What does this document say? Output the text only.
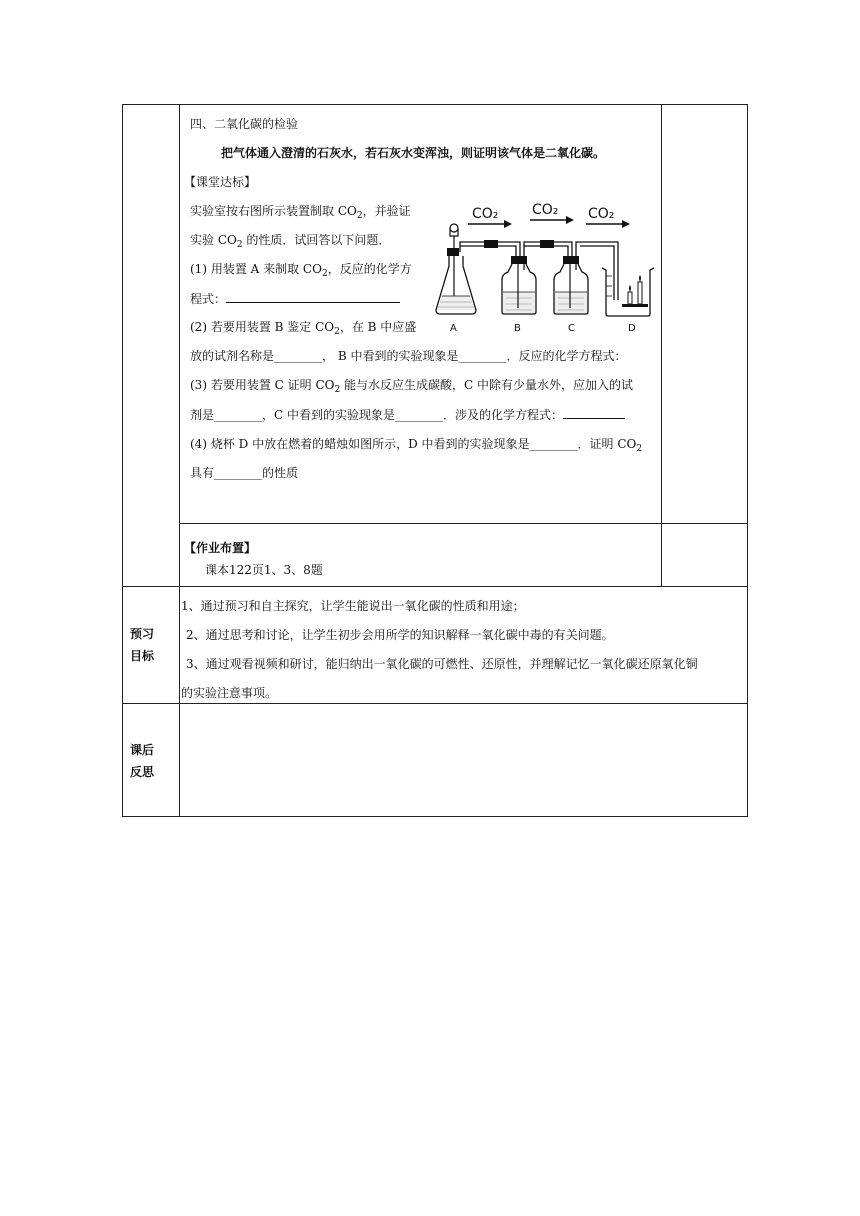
四、二氧化碳的检验
把气体通入澄清的石灰水，若石灰水变浑浊，则证明该气体是二氧化碳。
【课堂达标】
实验室按右图所示装置制取 $CO_2$，并验证
实验 $CO_2$ 的性质．试回答以下问题．
(1) 用装置 A 来制取 $CO_2$，反应的化学方
程式：
(2) 若要用装置 B 鉴定 $CO_2$，在 B 中应盛
放的试剂名称是________， B 中看到的实验现象是________．反应的化学方程式：
(3) 若要用装置 C 证明 $CO_2$ 能与水反应生成碳酸，C 中除有少量水外，应加入的试
剂是________，C 中看到的实验现象是________．涉及的化学方程式：
(4) 烧杯 D 中放在燃着的蜡烛如图所示，D 中看到的实验现象是________．证明 $CO_2$
具有________的性质
CO₂ CO₂ CO₂
A	B	C	D
【作业布置】
课本122页1、3、8题
预习
目标
1、通过预习和自主探究，让学生能说出一氧化碳的性质和用途；
2、通过思考和讨论，让学生初步会用所学的知识解释一氧化碳中毒的有关问题。
3、通过观看视频和研讨，能归纳出一氧化碳的可燃性、还原性，并理解记忆一氧化碳还原氧化铜
的实验注意事项。
课后
反思
